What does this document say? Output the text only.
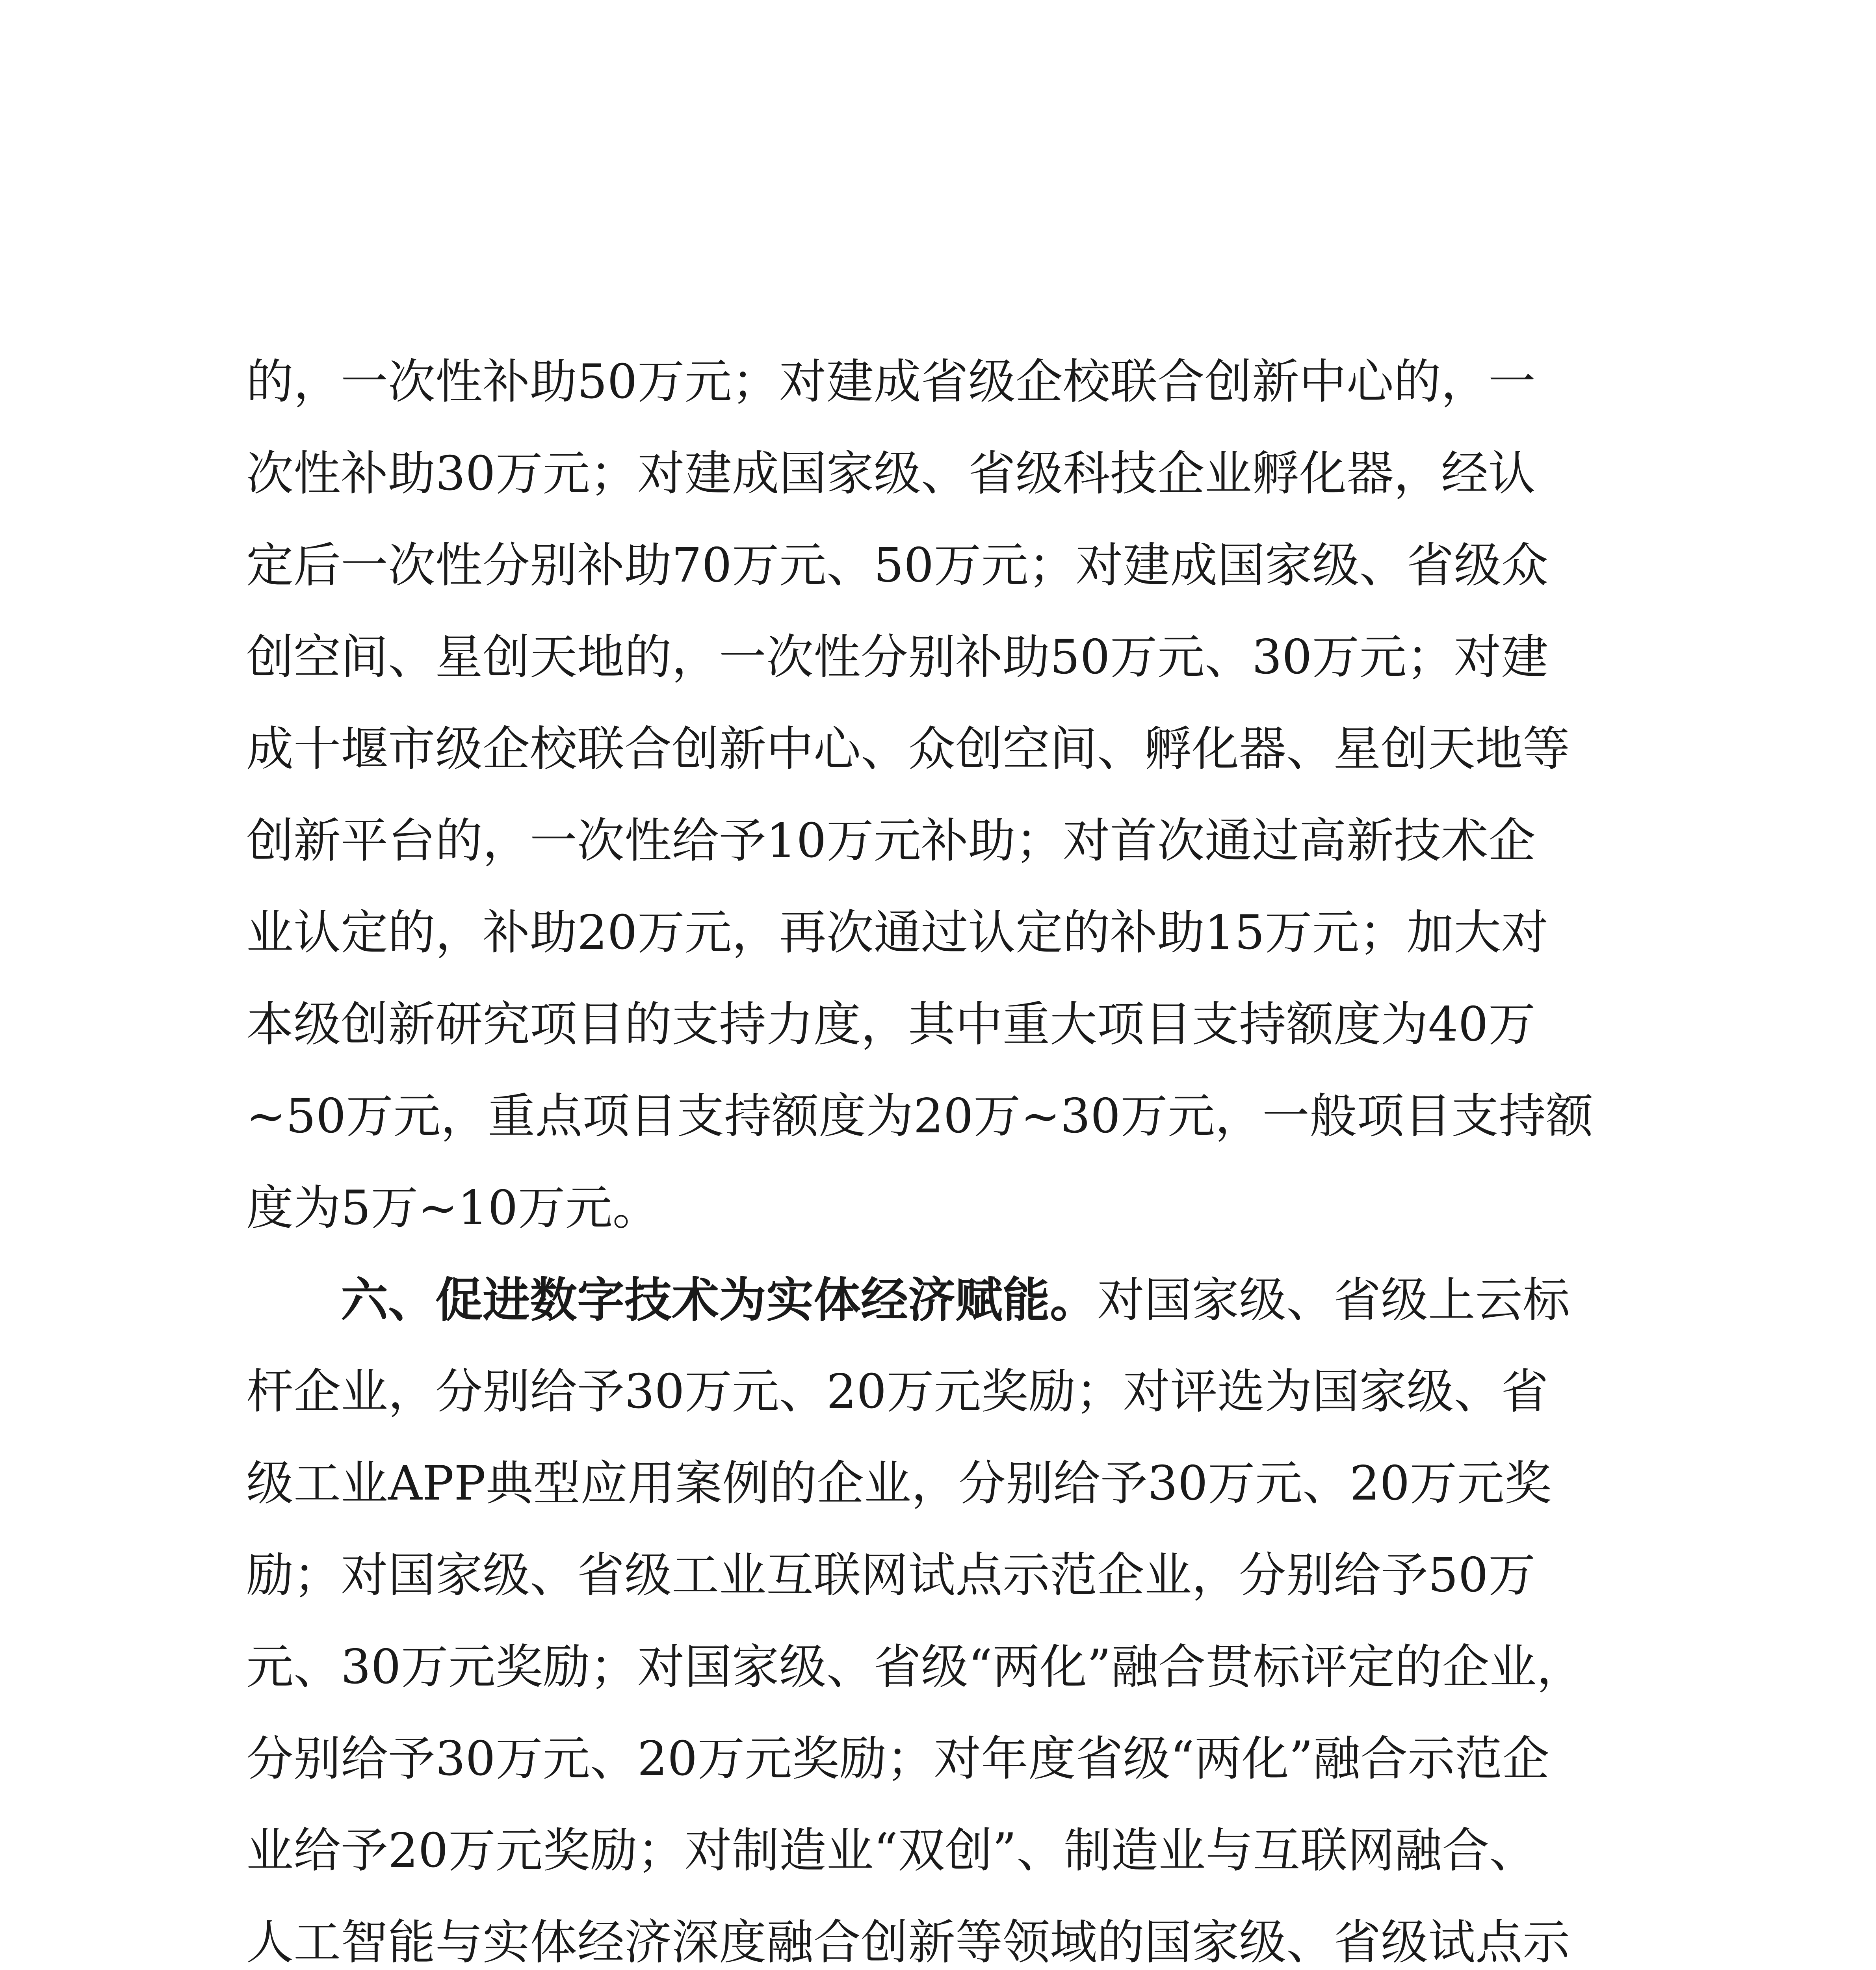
的，一次性补助50万元；对建成省级企校联合创新中心的，一
次性补助30万元；对建成国家级、省级科技企业孵化器，经认
定后一次性分别补助70万元、50万元；对建成国家级、省级众
创空间、星创天地的，一次性分别补助50万元、30万元；对建
成十堰市级企校联合创新中心、众创空间、孵化器、星创天地等
创新平台的，一次性给予10万元补助；对首次通过高新技术企
业认定的，补助20万元，再次通过认定的补助15万元；加大对
本级创新研究项目的支持力度，其中重大项目支持额度为40万
~50万元，重点项目支持额度为20万~30万元，一般项目支持额
度为5万~10万元。
六、促进数字技术为实体经济赋能。对国家级、省级上云标
杆企业，分别给予30万元、20万元奖励；对评选为国家级、省
级工业APP典型应用案例的企业，分别给予30万元、20万元奖
励；对国家级、省级工业互联网试点示范企业，分别给予50万
元、30万元奖励；对国家级、省级“两化”融合贯标评定的企业，
分别给予30万元、20万元奖励；对年度省级“两化”融合示范企
业给予20万元奖励；对制造业“双创”、制造业与互联网融合、
人工智能与实体经济深度融合创新等领域的国家级、省级试点示
